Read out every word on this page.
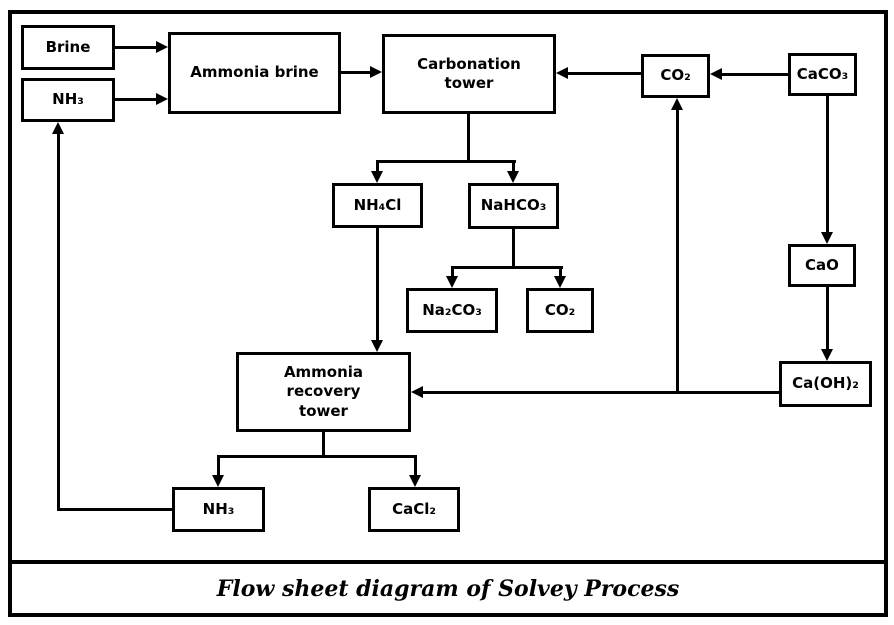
Brine
NH₃
Ammonia brine	Carbonation tower	CO₂	CaCO₃
NH₄Cl	NaHCO₃
Na₂CO₃	CO₂
CaO
Ca(OH)₂
Ammonia recovery tower
NH₃	CaCl₂
Flow sheet diagram of Solvey Process
